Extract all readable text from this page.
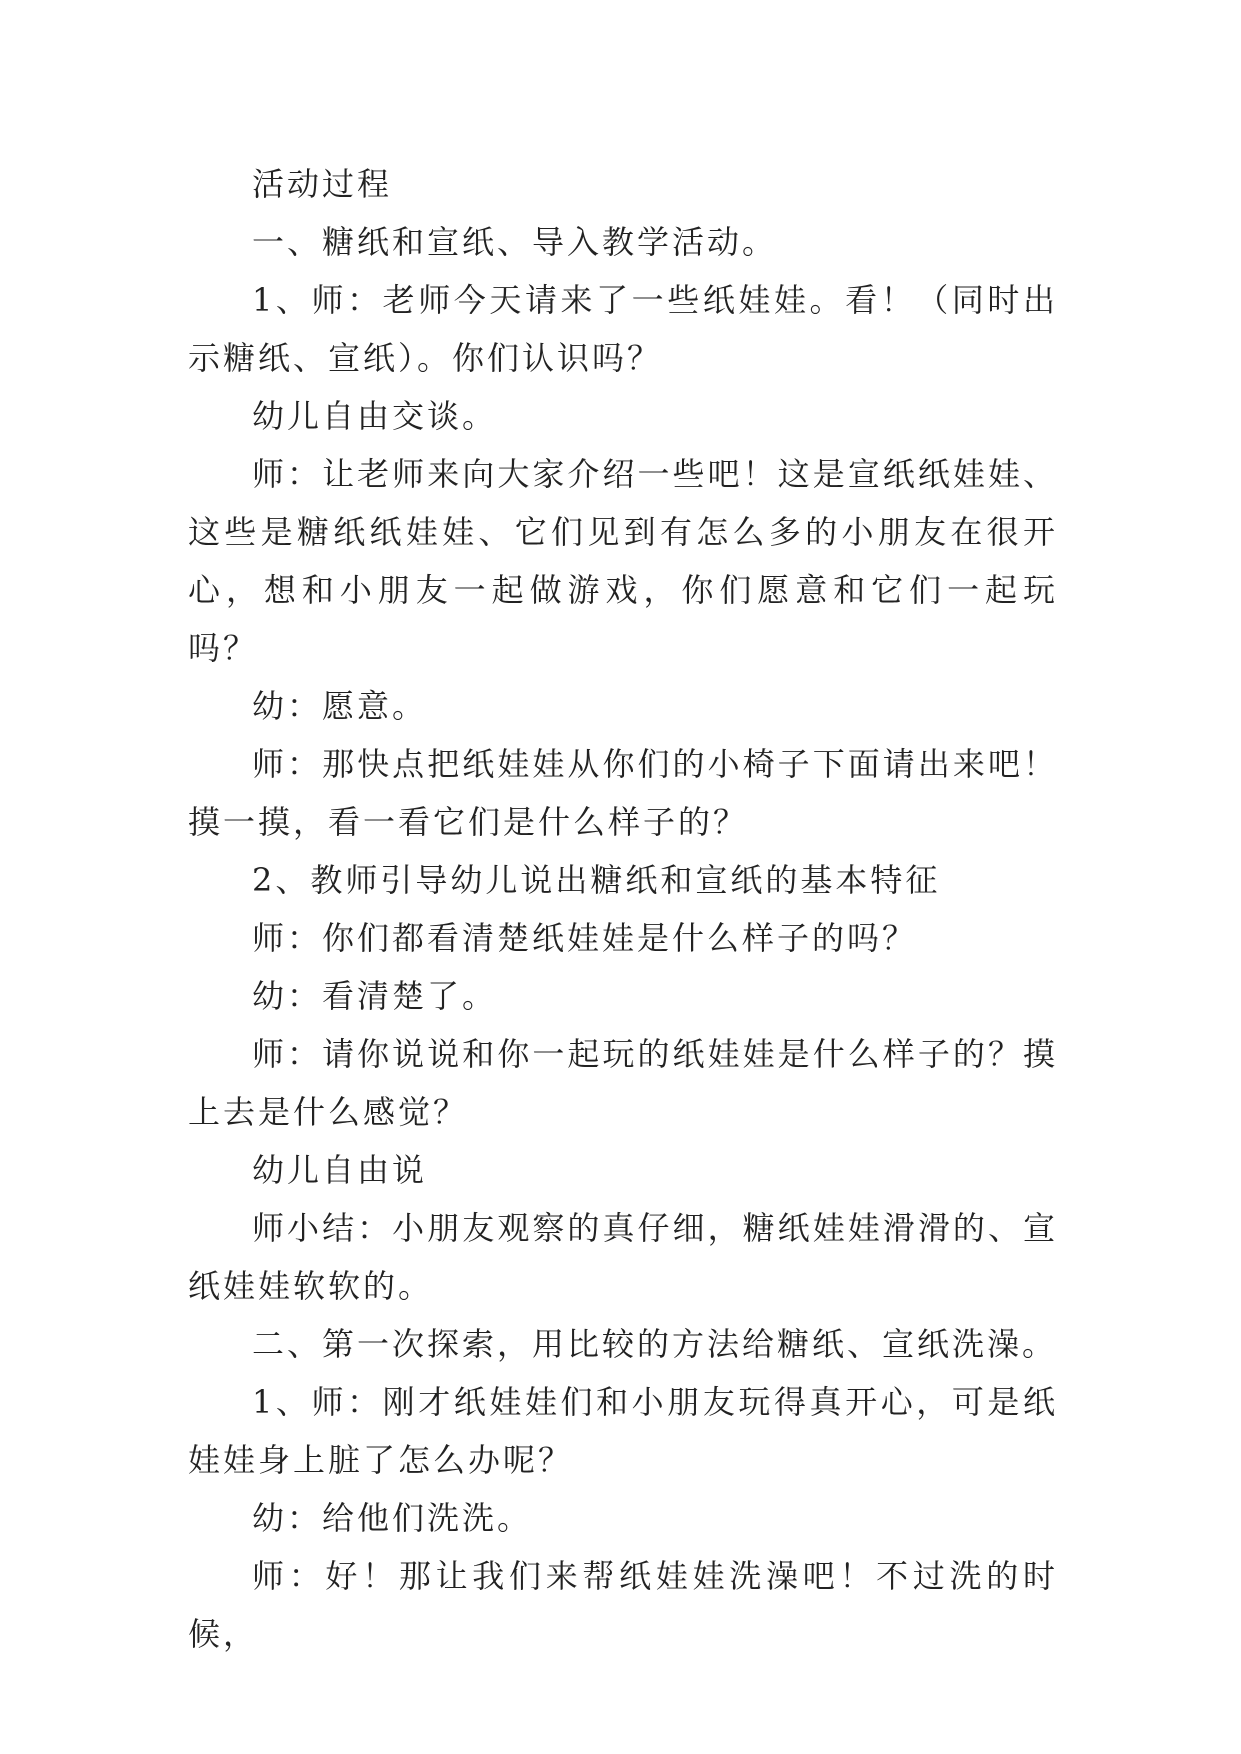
活动过程

一、糖纸和宣纸、导入教学活动。

1、师：老师今天请来了一些纸娃娃。看！（同时出示糖纸、宣纸）。你们认识吗？

幼儿自由交谈。

师：让老师来向大家介绍一些吧！这是宣纸纸娃娃、这些是糖纸纸娃娃、它们见到有怎么多的小朋友在很开心，想和小朋友一起做游戏，你们愿意和它们一起玩吗？

幼：愿意。

师：那快点把纸娃娃从你们的小椅子下面请出来吧！摸一摸，看一看它们是什么样子的？

2、教师引导幼儿说出糖纸和宣纸的基本特征

师：你们都看清楚纸娃娃是什么样子的吗？

幼：看清楚了。

师：请你说说和你一起玩的纸娃娃是什么样子的？摸上去是什么感觉？

幼儿自由说

师小结：小朋友观察的真仔细，糖纸娃娃滑滑的、宣纸娃娃软软的。

二、第一次探索，用比较的方法给糖纸、宣纸洗澡。

1、师：刚才纸娃娃们和小朋友玩得真开心，可是纸娃娃身上脏了怎么办呢？

幼：给他们洗洗。

师：好！那让我们来帮纸娃娃洗澡吧！不过洗的时候，
